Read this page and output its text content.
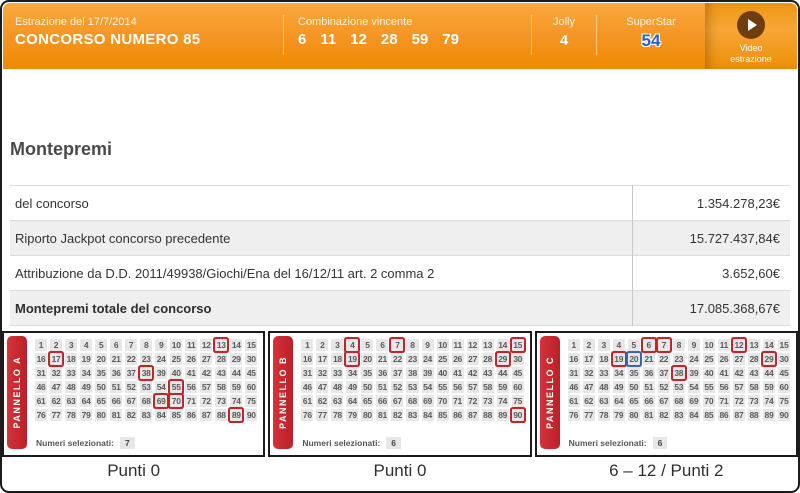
Estrazione del 17/7/2014
CONCORSO NUMERO 85
Combinazione vincente
6 11 12 28 59 79
Jolly
4
SuperStar
54	Video
estrazione
Montepremi
del concorso	1.354.278,23€
Riporto Jackpot concorso precedente	15.727.437,84€
Attribuzione da D.D. 2011/49938/Giochi/Ena del 16/12/11 art. 2 comma 2	3.652,60€
Montepremi totale del concorso	17.085.368,67€
PANNELLO A
1	2	3	4	5	6	7	8	9 10 11 12 13 14 15
16 17 18 19 20 21 22 23 24 25 26 27 28 29 30
31 32 33 34 35 36 37 38 39 40 41 42 43 44 45
46 47 48 49 50 51 52 53 54 55 56 57 58 59 60
61 62 63 64 65 66 67 68 69 70 71 72 73 74 75
76 77 78 79 80 81 82 83 84 85 86 87 88 89 90
Numeri selezionati: 7
PANNELLO B
1	2	3	4	5	6	7	8	9 10 11 12 13 14 15
16 17 18 19 20 21 22 23 24 25 26 27 28 29 30
31 32 33 34 35 36 37 38 39 40 41 42 43 44 45
46 47 48 49 50 51 52 53 54 55 56 57 58 59 60
61 62 63 64 65 66 67 68 69 70 71 72 73 74 75
76 77 78 79 80 81 82 83 84 85 86 87 88 89 90
Numeri selezionati: 6
PANNELLO C
1	2	3	4	5	6	7	8	9 10 11 12 13 14 15
16 17 18 19 20 21 22 23 24 25 26 27 28 29 30
31 32 33 34 35 36 37 38 39 40 41 42 43 44 45
46 47 48 49 50 51 52 53 54 55 56 57 58 59 60
61 62 63 64 65 66 67 68 69 70 71 72 73 74 75
76 77 78 79 80 81 82 83 84 85 86 87 88 89 90
Numeri selezionati: 6
Punti 0	Punti 0	6 – 12 / Punti 2
